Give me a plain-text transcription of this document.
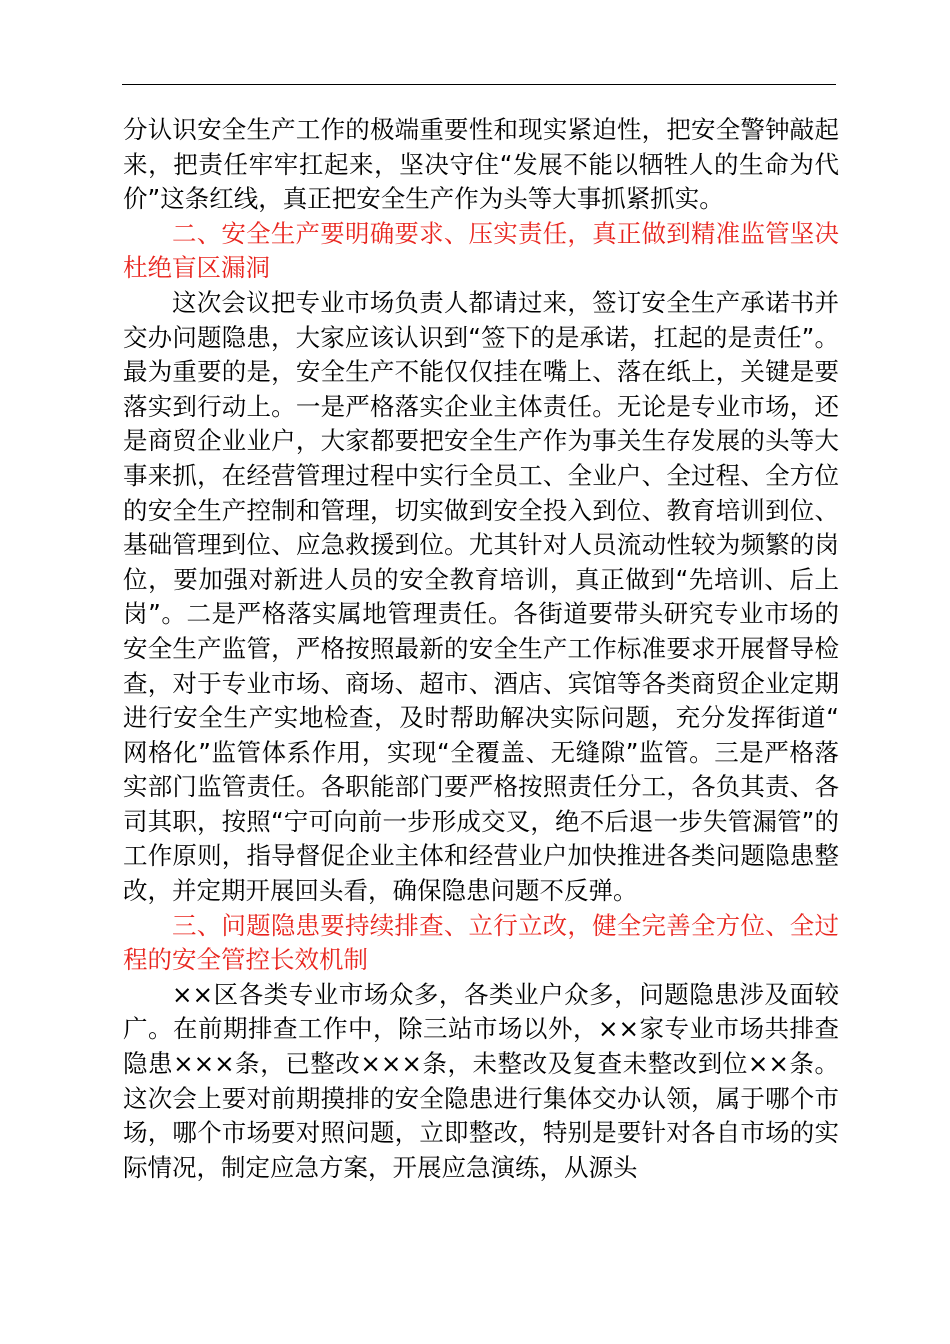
分认识安全生产工作的极端重要性和现实紧迫性，把安全警钟敲起来，把责任牢牢扛起来，坚决守住“发展不能以牺牲人的生命为代价”这条红线，真正把安全生产作为头等大事抓紧抓实。

二、安全生产要明确要求、压实责任，真正做到精准监管坚决杜绝盲区漏洞

这次会议把专业市场负责人都请过来，签订安全生产承诺书并交办问题隐患，大家应该认识到“签下的是承诺，扛起的是责任”。最为重要的是，安全生产不能仅仅挂在嘴上、落在纸上，关键是要落实到行动上。一是严格落实企业主体责任。无论是专业市场，还是商贸企业业户，大家都要把安全生产作为事关生存发展的头等大事来抓，在经营管理过程中实行全员工、全业户、全过程、全方位的安全生产控制和管理，切实做到安全投入到位、教育培训到位、基础管理到位、应急救援到位。尤其针对人员流动性较为频繁的岗位，要加强对新进人员的安全教育培训，真正做到“先培训、后上岗”。二是严格落实属地管理责任。各街道要带头研究专业市场的安全生产监管，严格按照最新的安全生产工作标准要求开展督导检查，对于专业市场、商场、超市、酒店、宾馆等各类商贸企业定期进行安全生产实地检查，及时帮助解决实际问题，充分发挥街道“网格化”监管体系作用，实现“全覆盖、无缝隙”监管。三是严格落实部门监管责任。各职能部门要严格按照责任分工，各负其责、各司其职，按照“宁可向前一步形成交叉，绝不后退一步失管漏管”的工作原则，指导督促企业主体和经营业户加快推进各类问题隐患整改，并定期开展回头看，确保隐患问题不反弹。

三、问题隐患要持续排查、立行立改，健全完善全方位、全过程的安全管控长效机制

××区各类专业市场众多，各类业户众多，问题隐患涉及面较广。在前期排查工作中，除三站市场以外，××家专业市场共排查隐患×××条，已整改×××条，未整改及复查未整改到位××条。这次会上要对前期摸排的安全隐患进行集体交办认领，属于哪个市场，哪个市场要对照问题，立即整改，特别是要针对各自市场的实际情况，制定应急方案，开展应急演练，从源头
